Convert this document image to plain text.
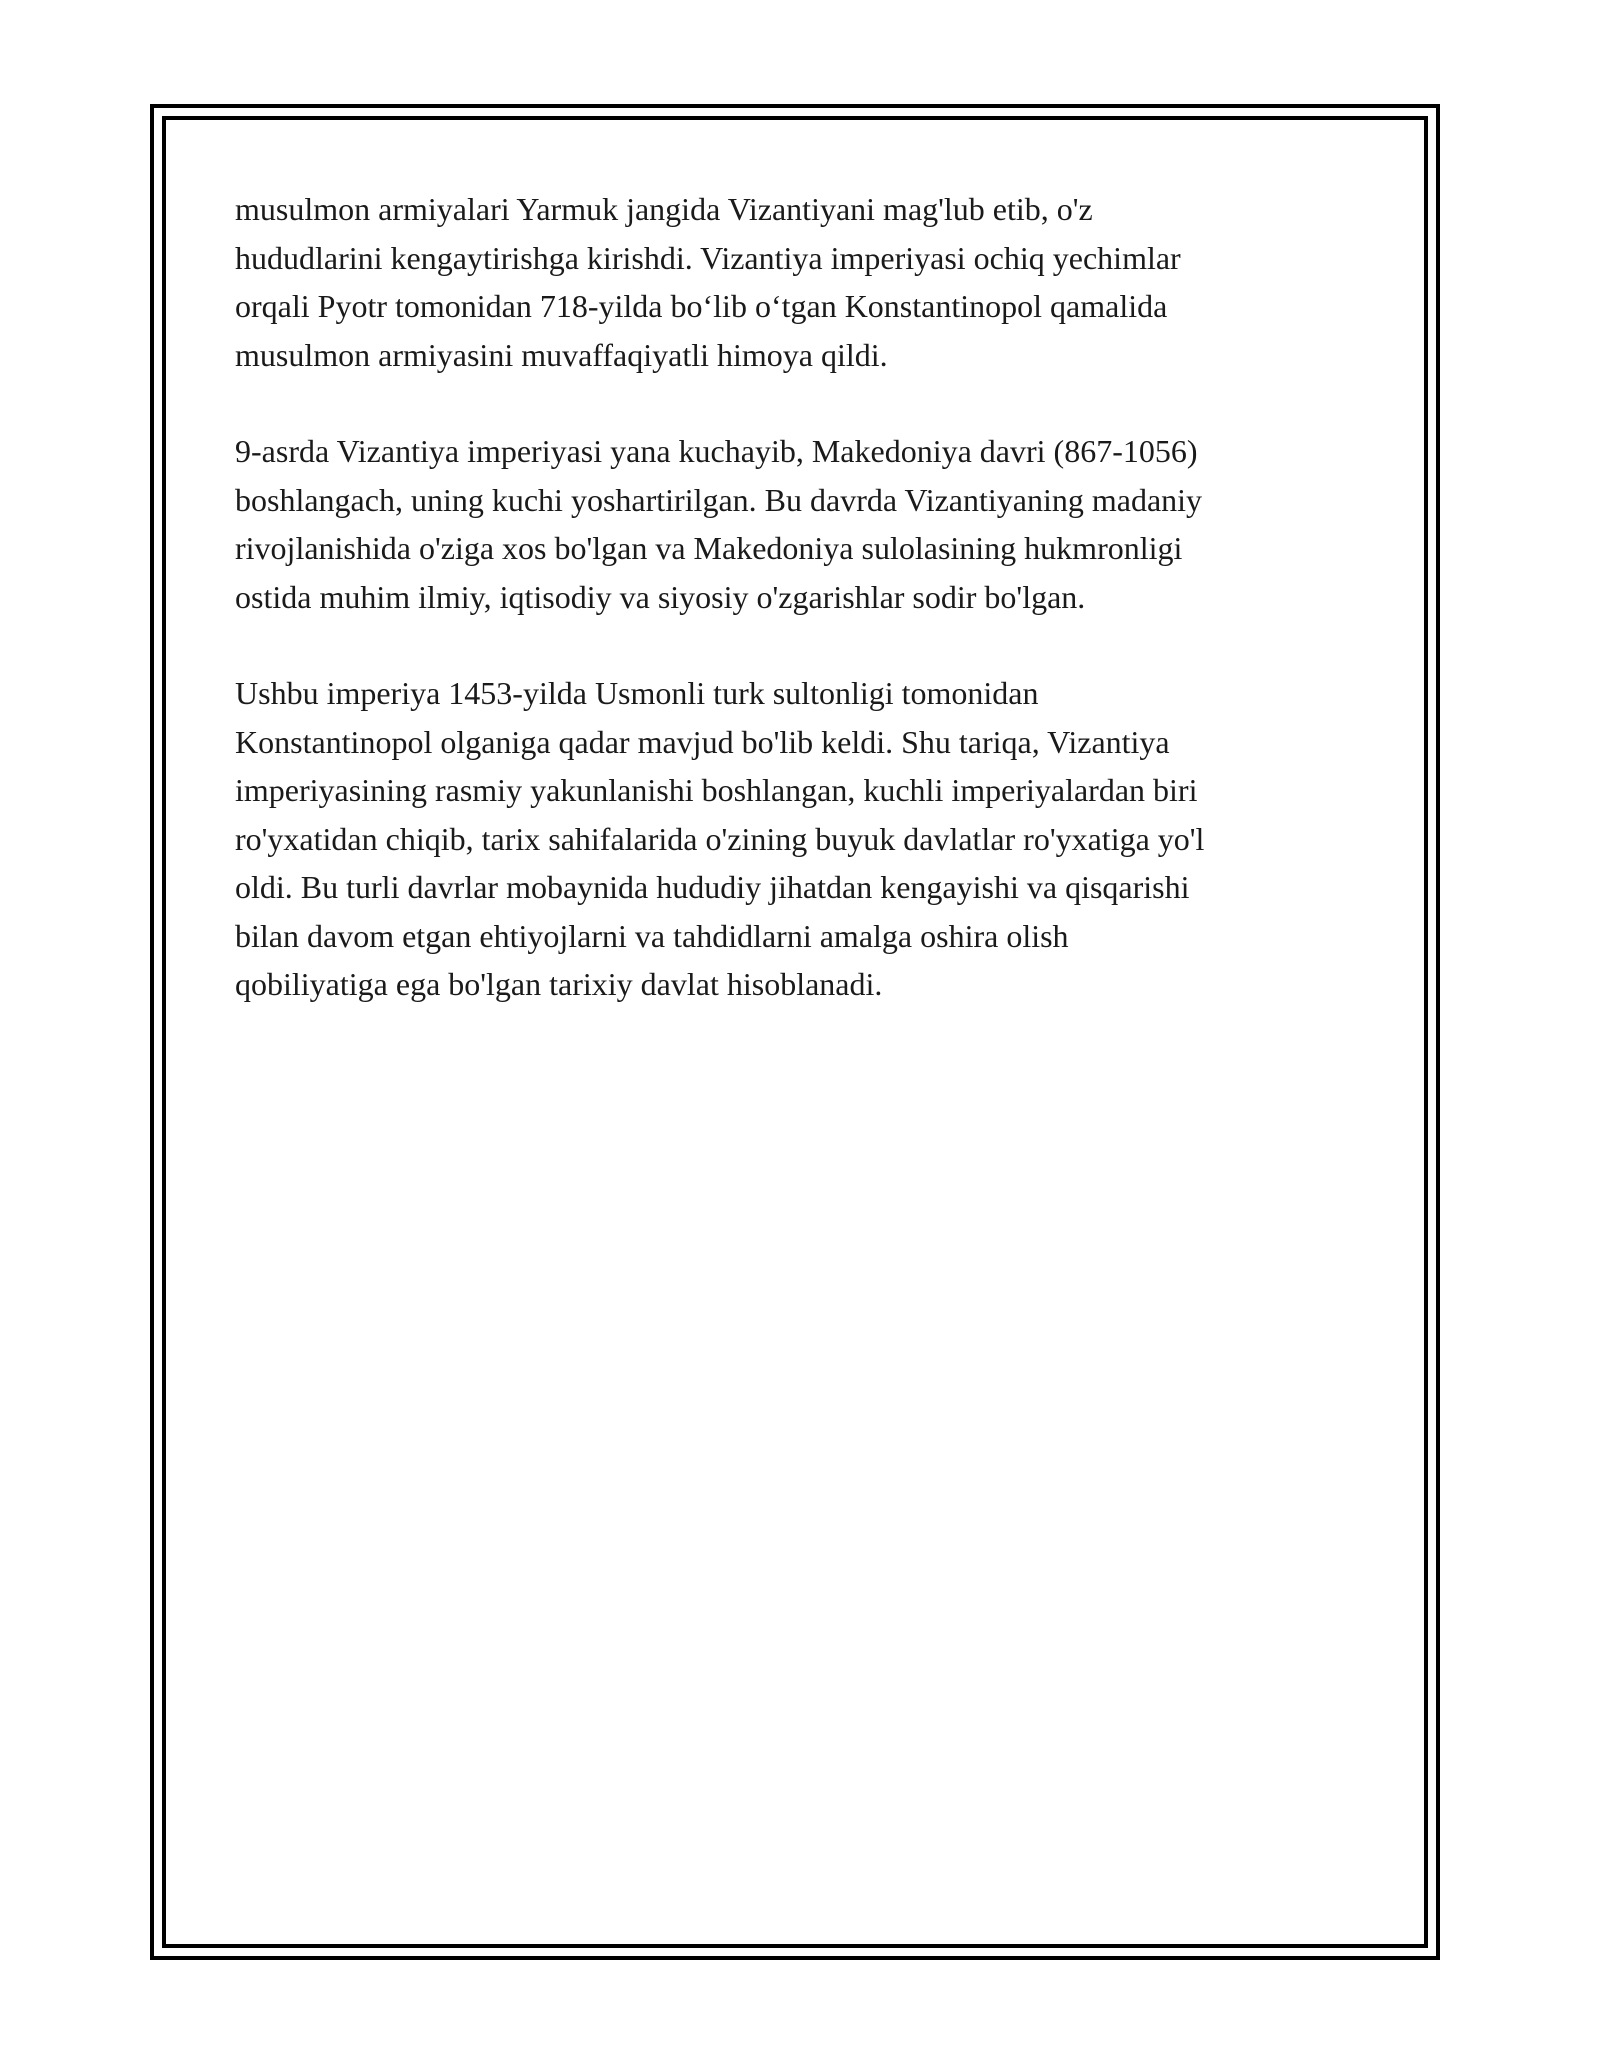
musulmon armiyalari Yarmuk jangida Vizantiyani mag'lub etib, o'z
hududlarini kengaytirishga kirishdi. Vizantiya imperiyasi ochiq yechimlar
orqali Pyotr tomonidan 718-yilda bo‘lib o‘tgan Konstantinopol qamalida
musulmon armiyasini muvaffaqiyatli himoya qildi.

9-asrda Vizantiya imperiyasi yana kuchayib, Makedoniya davri (867-1056)
boshlangach, uning kuchi yoshartirilgan. Bu davrda Vizantiyaning madaniy
rivojlanishida o'ziga xos bo'lgan va Makedoniya sulolasining hukmronligi
ostida muhim ilmiy, iqtisodiy va siyosiy o'zgarishlar sodir bo'lgan.

Ushbu imperiya 1453-yilda Usmonli turk sultonligi tomonidan
Konstantinopol olganiga qadar mavjud bo'lib keldi. Shu tariqa, Vizantiya
imperiyasining rasmiy yakunlanishi boshlangan, kuchli imperiyalardan biri
ro'yxatidan chiqib, tarix sahifalarida o'zining buyuk davlatlar ro'yxatiga yo'l
oldi. Bu turli davrlar mobaynida hududiy jihatdan kengayishi va qisqarishi
bilan davom etgan ehtiyojlarni va tahdidlarni amalga oshira olish
qobiliyatiga ega bo'lgan tarixiy davlat hisoblanadi.
